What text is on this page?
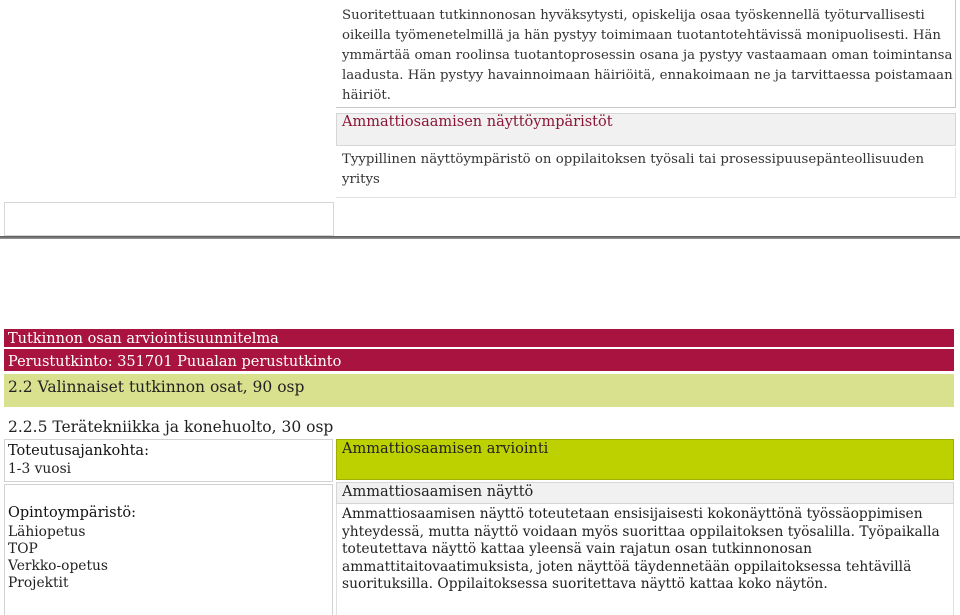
Suoritettuaan tutkinnonosan hyväksytysti, opiskelija osaa työskennellä työturvallisesti oikeilla työmenetelmillä ja hän pystyy toimimaan tuotantotehtävissä monipuolisesti. Hän ymmärtää oman roolinsa tuotantoprosessin osana ja pystyy vastaamaan oman toimintansa laadusta. Hän pystyy havainnoimaan häiriöitä, ennakoimaan ne ja tarvittaessa poistamaan häiriöt.
Ammattiosaamisen näyttöympäristöt
Tyypillinen näyttöympäristö on oppilaitoksen työsali tai prosessipuusepänteollisuuden yritys
Tutkinnon osan arviointisuunnitelma
Perustutkinto: 351701 Puualan perustutkinto
2.2 Valinnaiset tutkinnon osat, 90 osp
2.2.5 Terätekniikka ja konehuolto, 30 osp
Toteutusajankohta:
1-3 vuosi
Opintoympäristö:
Lähiopetus
TOP
Verkko-opetus
Projektit
Ammattiosaamisen arviointi
Ammattiosaamisen näyttö
Ammattiosaamisen näyttö toteutetaan ensisijaisesti kokonäyttönä työssäoppimisen yhteydessä, mutta näyttö voidaan myös suorittaa oppilaitoksen työsalilla. Työpaikalla toteutettava näyttö kattaa yleensä vain rajatun osan tutkinnonosan ammattitaitovaatimuksista, joten näyttöä täydennetään oppilaitoksessa tehtävillä suorituksilla. Oppilaitoksessa suoritettava näyttö kattaa koko näytön.
